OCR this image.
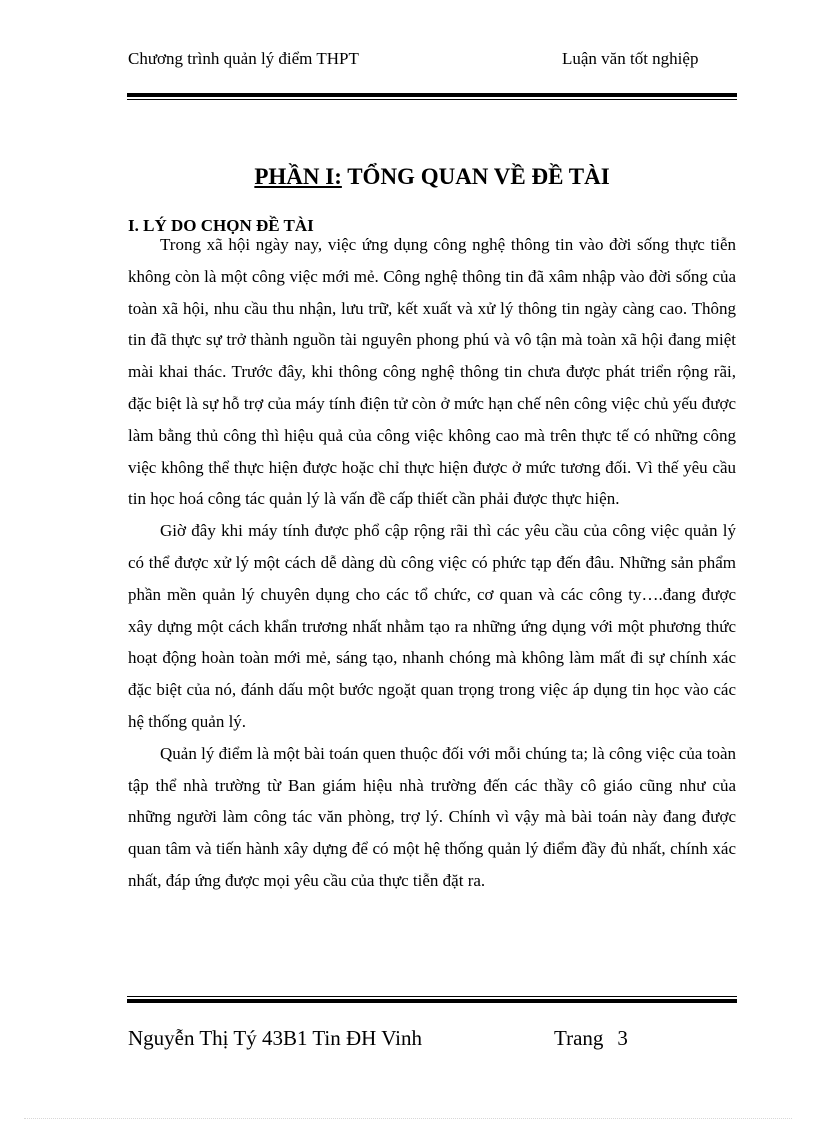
Chương trình quản lý điểm THPT	Luận văn tốt nghiệp
PHẦN I: TỔNG QUAN VỀ ĐỀ TÀI
I. LÝ DO CHỌN ĐỀ TÀI

Trong xã hội ngày nay, việc ứng dụng công nghệ thông tin vào đời sống thực tiễn không còn là một công việc mới mẻ. Công nghệ thông tin đã xâm nhập vào đời sống của toàn xã hội, nhu cầu thu nhận, lưu trữ, kết xuất và xử lý thông tin ngày càng cao. Thông tin đã thực sự trở thành nguồn tài nguyên phong phú và vô tận mà toàn xã hội đang miệt mài khai thác. Trước đây, khi thông công nghệ thông tin chưa được phát triển rộng rãi, đặc biệt là sự hỗ trợ của máy tính điện tử còn ở mức hạn chế nên công việc chủ yếu được làm bằng thủ công thì hiệu quả của công việc không cao mà trên thực tế có những công việc không thể thực hiện được hoặc chỉ thực hiện được ở mức tương đối. Vì thế yêu cầu tin học hoá công tác quản lý là vấn đề cấp thiết cần phải được thực hiện.

Giờ đây khi máy tính được phổ cập rộng rãi thì các yêu cầu của công việc quản lý có thể được xử lý một cách dễ dàng dù công việc có phức tạp đến đâu. Những sản phẩm phần mền quản lý chuyên dụng cho các tổ chức, cơ quan và các công ty….đang được xây dựng một cách khẩn trương nhất nhằm tạo ra những ứng dụng với một phương thức hoạt động hoàn toàn mới mẻ, sáng tạo, nhanh chóng mà không làm mất đi sự chính xác đặc biệt của nó, đánh dấu một bước ngoặt quan trọng trong việc áp dụng tin học vào các hệ thống quản lý.

Quản lý điểm là một bài toán quen thuộc đối với mỗi chúng ta; là công việc của toàn tập thể nhà trường từ Ban giám hiệu nhà trường đến các thầy cô giáo cũng như của những người làm công tác văn phòng, trợ lý. Chính vì vậy mà bài toán này đang được quan tâm và tiến hành xây dựng để có một hệ thống quản lý điểm đầy đủ nhất, chính xác nhất, đáp ứng được mọi yêu cầu của thực tiễn đặt ra.

Nguyễn Thị Tý 43B1 Tin ĐH Vinh	Trang 3
